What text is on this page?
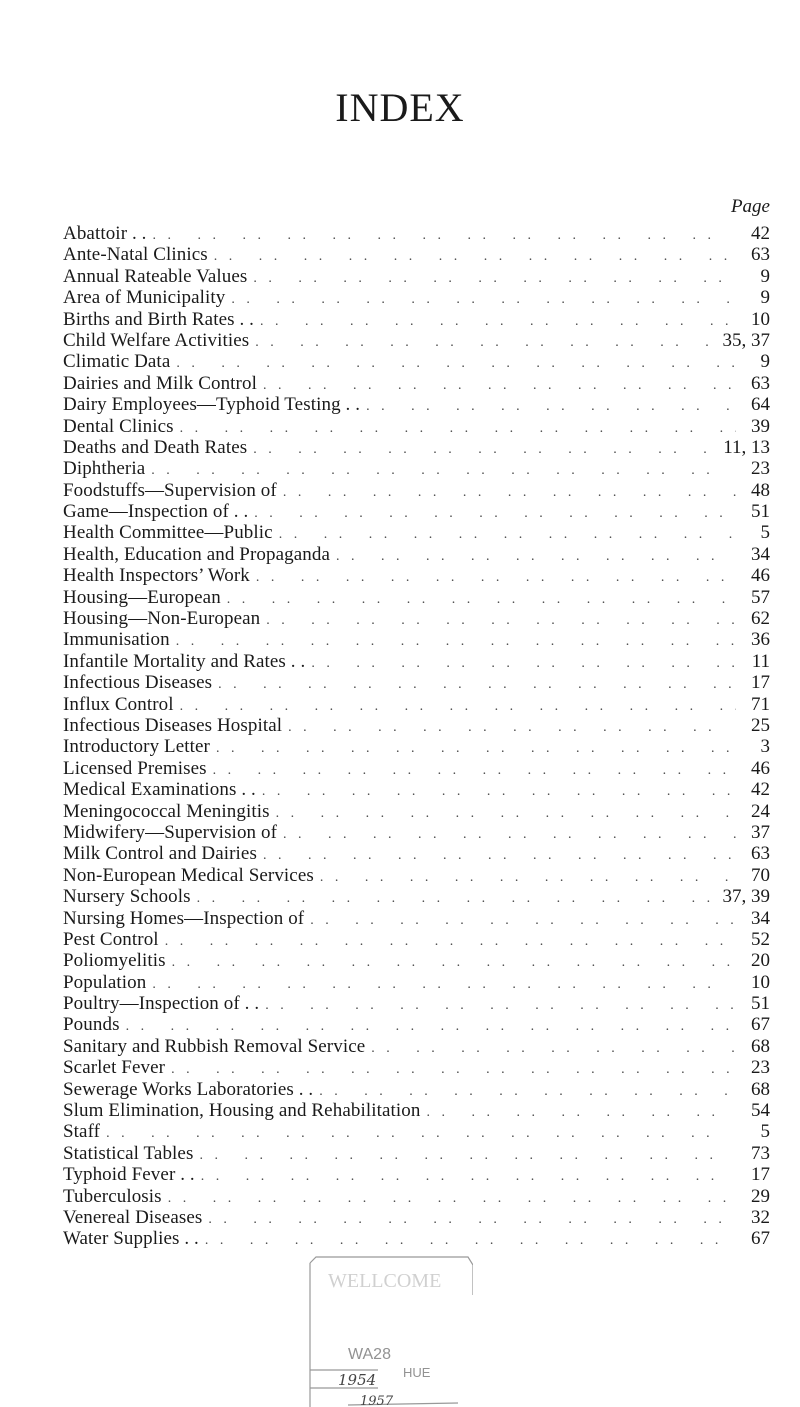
INDEX
Page
Abattoir . . . .	42
Ante-Natal Clinics . .	63
Annual Rateable Values . .	9
Area of Municipality . .	9
Births and Birth Rates . . . .	10
Child Welfare Activities . .	35, 37
Climatic Data . .	9
Dairies and Milk Control . .	63
Dairy Employees—Typhoid Testing . . . .	64
Dental Clinics . .	39
Deaths and Death Rates . .	11, 13
Diphtheria . .	23
Foodstuffs—Supervision of . .	48
Game—Inspection of . . . .	51
Health Committee—Public . .	5
Health, Education and Propaganda . .	34
Health Inspectors’ Work . .	46
Housing—European . .	57
Housing—Non-European . .	62
Immunisation . .	36
Infantile Mortality and Rates . . . .	11
Infectious Diseases . .	17
Influx Control . .	71
Infectious Diseases Hospital . .	25
Introductory Letter . .	3
Licensed Premises . .	46
Medical Examinations . . . .	42
Meningococcal Meningitis . .	24
Midwifery—Supervision of . .	37
Milk Control and Dairies . .	63
Non-European Medical Services . .	70
Nursery Schools . .	37, 39
Nursing Homes—Inspection of . .	34
Pest Control . .	52
Poliomyelitis . .	20
Population . .	10
Poultry—Inspection of . . . .	51
Pounds . .	67
Sanitary and Rubbish Removal Service . .	68
Scarlet Fever . .	23
Sewerage Works Laboratories . . . .	68
Slum Elimination, Housing and Rehabilitation . .	54
Staff . .	5
Statistical Tables . .	73
Typhoid Fever . . . .	17
Tuberculosis . .	29
Venereal Diseases . .	32
Water Supplies . . . .	67
WELLCOME
WA28
HUE
1954
1957
